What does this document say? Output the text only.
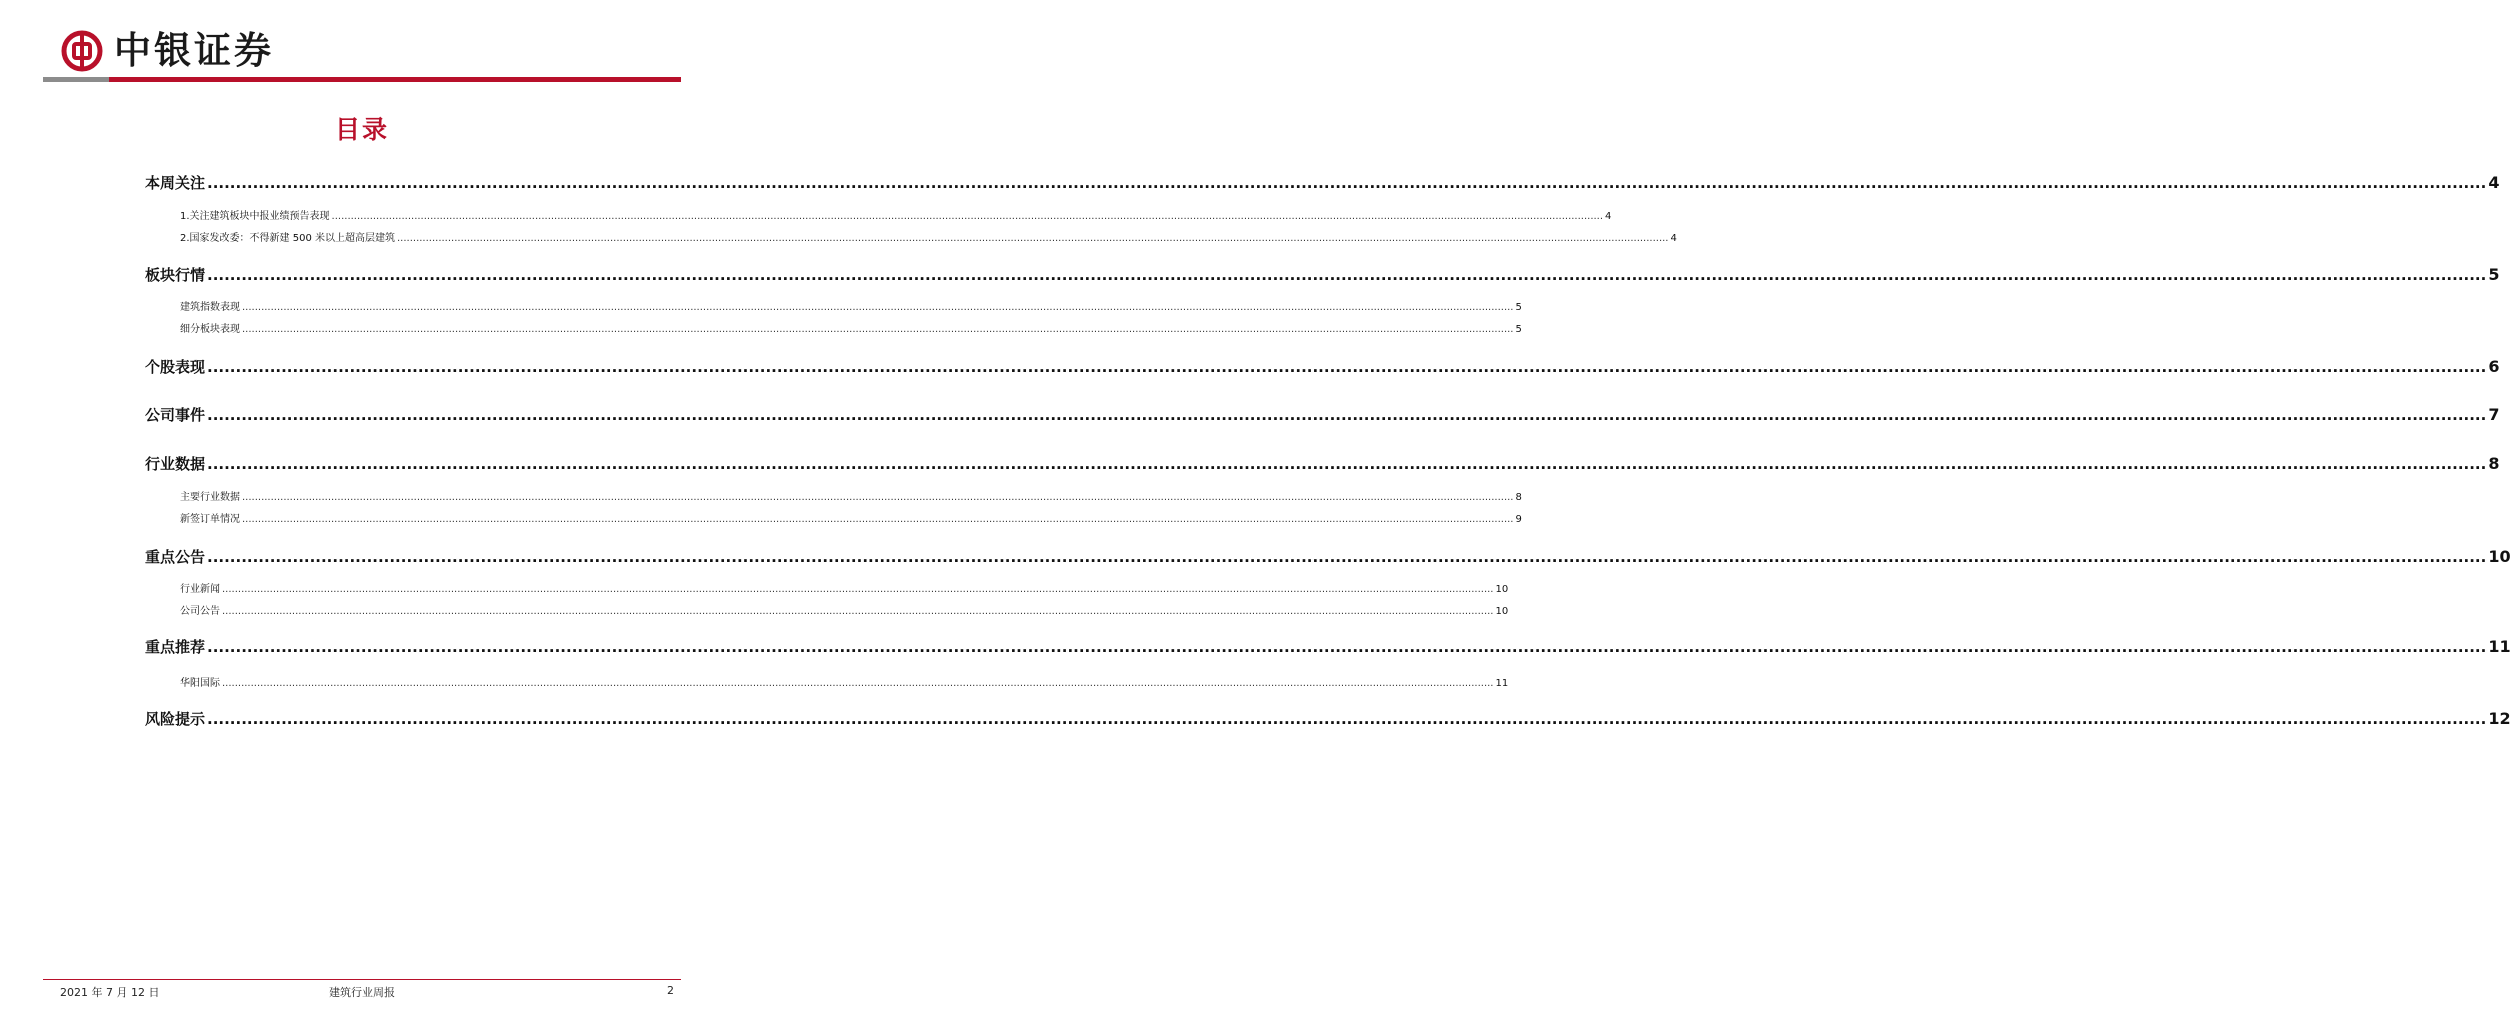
中银证券
目录
本周关注 ................................................................................................................................................................................................................................................................................................................................................................................................................ 4
1.关注建筑板块中报业绩预告表现 ................................................................................................................................................................................................................................................................................................................................................................................................................ 4
2.国家发改委：不得新建 500 米以上超高层建筑 ................................................................................................................................................................................................................................................................................................................................................................................................................ 4
板块行情 ................................................................................................................................................................................................................................................................................................................................................................................................................ 5
建筑指数表现 ................................................................................................................................................................................................................................................................................................................................................................................................................ 5
细分板块表现 ................................................................................................................................................................................................................................................................................................................................................................................................................ 5
个股表现 ................................................................................................................................................................................................................................................................................................................................................................................................................ 6
公司事件 ................................................................................................................................................................................................................................................................................................................................................................................................................ 7
行业数据 ................................................................................................................................................................................................................................................................................................................................................................................................................ 8
主要行业数据 ................................................................................................................................................................................................................................................................................................................................................................................................................ 8
新签订单情况 ................................................................................................................................................................................................................................................................................................................................................................................................................ 9
重点公告 ................................................................................................................................................................................................................................................................................................................................................................................................................ 10
行业新闻 ................................................................................................................................................................................................................................................................................................................................................................................................................ 10
公司公告 ................................................................................................................................................................................................................................................................................................................................................................................................................ 10
重点推荐 ................................................................................................................................................................................................................................................................................................................................................................................................................ 11
华阳国际 ................................................................................................................................................................................................................................................................................................................................................................................................................ 11
风险提示 ................................................................................................................................................................................................................................................................................................................................................................................................................ 12
2021 年 7 月 12 日	建筑行业周报	2
